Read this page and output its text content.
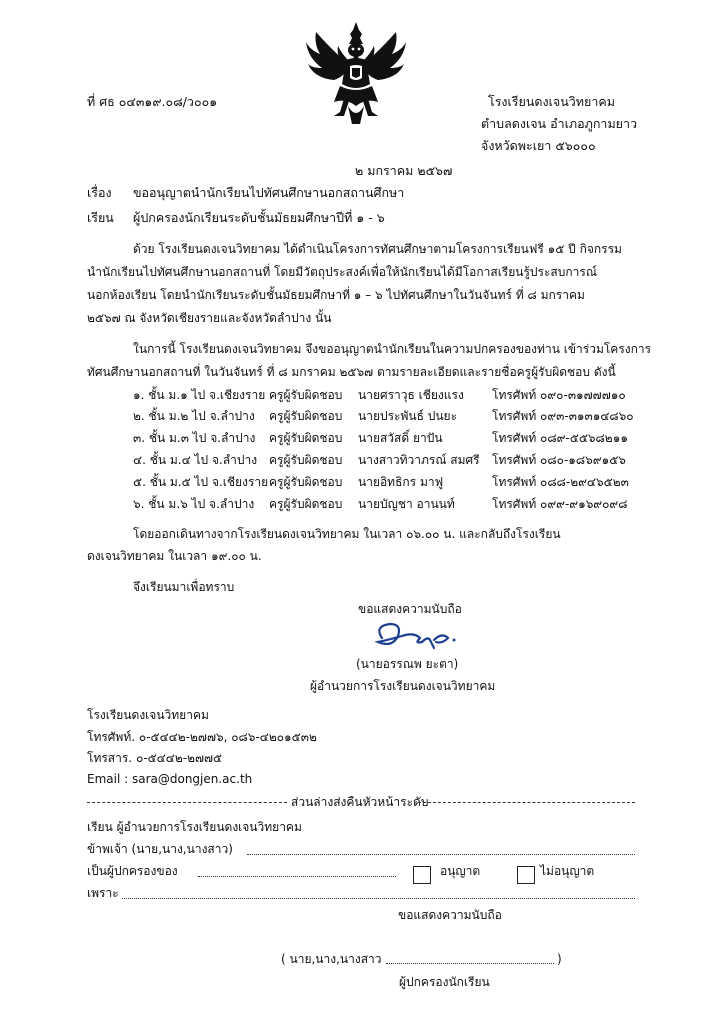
ที่ ศธ ๐๔๓๑๙.๐๘/ว๐๐๑	โรงเรียนดงเจนวิทยาคม
ตำบลดงเจน อำเภอภูกามยาว
จังหวัดพะเยา ๕๖๐๐๐
๒ มกราคม ๒๕๖๗
เรื่อง ขออนุญาตนำนักเรียนไปทัศนศึกษานอกสถานศึกษา
เรียน ผู้ปกครองนักเรียนระดับชั้นมัธยมศึกษาปีที่ ๑ - ๖
ด้วย โรงเรียนดงเจนวิทยาคม ได้ดำเนินโครงการทัศนศึกษาตามโครงการเรียนฟรี ๑๕ ปี กิจกรรม
นำนักเรียนไปทัศนศึกษานอกสถานที่ โดยมีวัตถุประสงค์เพื่อให้นักเรียนได้มีโอกาสเรียนรู้ประสบการณ์
นอกห้องเรียน โดยนำนักเรียนระดับชั้นมัธยมศึกษาที่ ๑ – ๖ ไปทัศนศึกษาในวันจันทร์ ที่ ๘ มกราคม
๒๕๖๗ ณ จังหวัดเชียงรายและจังหวัดลำปาง นั้น
ในการนี้ โรงเรียนดงเจนวิทยาคม จึงขออนุญาตนำนักเรียนในความปกครองของท่าน เข้าร่วมโครงการ
ทัศนศึกษานอกสถานที่ ในวันจันทร์ ที่ ๘ มกราคม ๒๕๖๗ ตามรายละเอียดและรายชื่อครูผู้รับผิดชอบ ดังนี้
๑. ชั้น ม.๑ ไป จ.เชียงราย ครูผู้รับผิดชอบ นายศราวุธ เชียงแรง โทรศัพท์ ๐๙๐-๓๑๗๗๗๑๐
๒. ชั้น ม.๒ ไป จ.ลำปาง ครูผู้รับผิดชอบ นายประพันธ์ ปนยะ	โทรศัพท์ ๐๙๓-๓๑๓๑๔๘๖๐
๓. ชั้น ม.๓ ไป จ.ลำปาง ครูผู้รับผิดชอบ นายสวัสดิ์ ยาปัน	โทรศัพท์ ๐๘๙-๕๕๖๘๒๑๑
๔. ชั้น ม.๔ ไป จ.ลำปาง ครูผู้รับผิดชอบ นางสาวทิวาภรณ์ สมศรี โทรศัพท์ ๐๘๐-๑๘๖๙๑๕๖
๕. ชั้น ม.๕ ไป จ.เชียงราย ครูผู้รับผิดชอบ นายอิทธิกร มาฟู	โทรศัพท์ ๐๘๘-๒๙๔๖๕๒๓
๖. ชั้น ม.๖ ไป จ.ลำปาง ครูผู้รับผิดชอบ นายบัญชา อานนท์	โทรศัพท์ ๐๙๙-๙๑๖๙๐๙๘
โดยออกเดินทางจากโรงเรียนดงเจนวิทยาคม ในเวลา ๐๖.๐๐ น. และกลับถึงโรงเรียน
ดงเจนวิทยาคม ในเวลา ๑๙.๐๐ น.
จึงเรียนมาเพื่อทราบ
ขอแสดงความนับถือ
(นายอรรณพ ยะตา)
ผู้อำนวยการโรงเรียนดงเจนวิทยาคม
โรงเรียนดงเจนวิทยาคม
โทรศัพท์. ๐-๕๔๔๒-๒๗๗๖, ๐๘๖-๔๒๐๑๕๓๒
โทรสาร. ๐-๕๔๔๒-๒๗๗๕
Email : sara@dongjen.ac.th
ส่วนล่างส่งคืนหัวหน้าระดับ
เรียน ผู้อำนวยการโรงเรียนดงเจนวิทยาคม
ข้าพเจ้า (นาย,นาง,นางสาว)
เป็นผู้ปกครองของ	อนุญาต	ไม่อนุญาต
เพราะ
ขอแสดงความนับถือ
( นาย,นาง,นางสาว	)
ผู้ปกครองนักเรียน
